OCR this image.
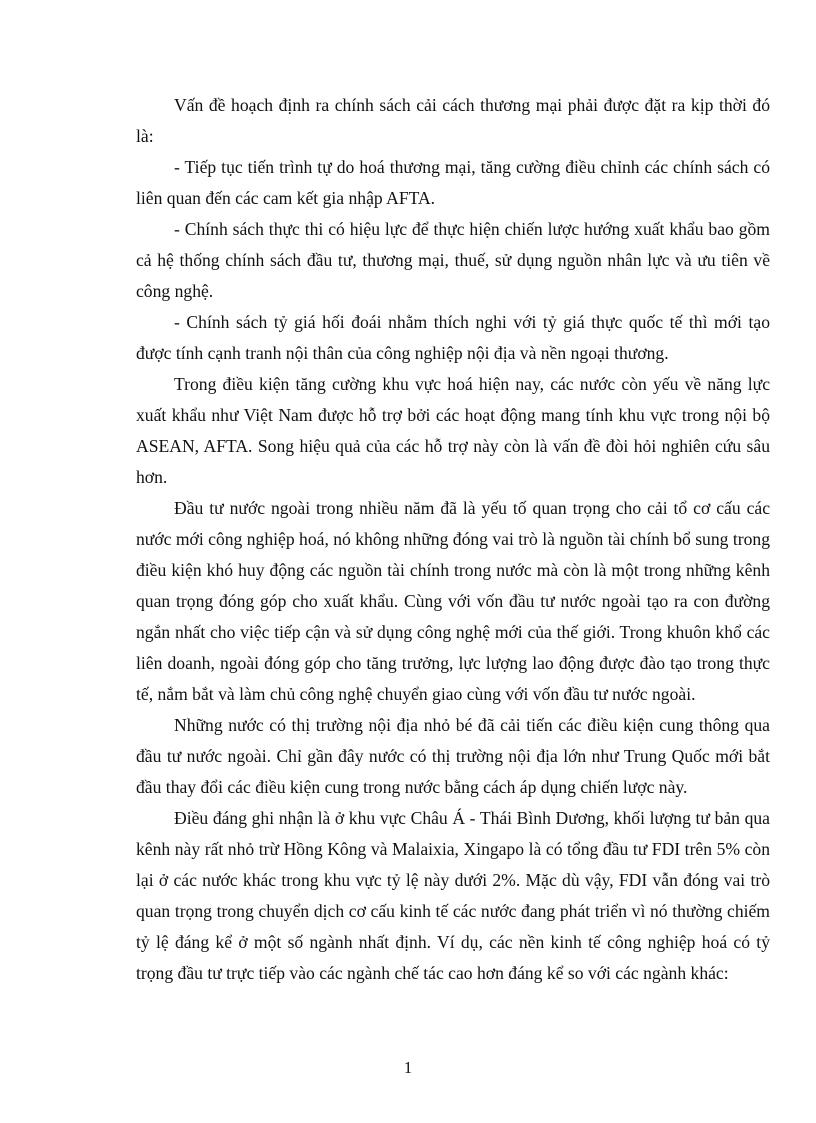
Vấn đề hoạch định ra chính sách cải cách thương mại phải được đặt ra kịp thời đó là:

- Tiếp tục tiến trình tự do hoá thương mại, tăng cường điều chỉnh các chính sách có liên quan đến các cam kết gia nhập AFTA.

- Chính sách thực thi có hiệu lực để thực hiện chiến lược hướng xuất khẩu bao gồm cả hệ thống chính sách đầu tư, thương mại, thuế, sử dụng nguồn nhân lực và ưu tiên về công nghệ.

- Chính sách tỷ giá hối đoái nhằm thích nghi với tỷ giá thực quốc tế thì mới tạo được tính cạnh tranh nội thân của công nghiệp nội địa và nền ngoại thương.

Trong điều kiện tăng cường khu vực hoá hiện nay, các nước còn yếu về năng lực xuất khẩu như Việt Nam được hỗ trợ bởi các hoạt động mang tính khu vực trong nội bộ ASEAN, AFTA. Song hiệu quả của các hỗ trợ này còn là vấn đề đòi hỏi nghiên cứu sâu hơn.

Đầu tư nước ngoài trong nhiều năm đã là yếu tố quan trọng cho cải tổ cơ cấu các nước mới công nghiệp hoá, nó không những đóng vai trò là nguồn tài chính bổ sung trong điều kiện khó huy động các nguồn tài chính trong nước mà còn là một trong những kênh quan trọng đóng góp cho xuất khẩu. Cùng với vốn đầu tư nước ngoài tạo ra con đường ngắn nhất cho việc tiếp cận và sử dụng công nghệ mới của thế giới. Trong khuôn khổ các liên doanh, ngoài đóng góp cho tăng trưởng, lực lượng lao động được đào tạo trong thực tế, nắm bắt và làm chủ công nghệ chuyển giao cùng với vốn đầu tư nước ngoài.

Những nước có thị trường nội địa nhỏ bé đã cải tiến các điều kiện cung thông qua đầu tư nước ngoài. Chỉ gần đây nước có thị trường nội địa lớn như Trung Quốc mới bắt đầu thay đổi các điều kiện cung trong nước bằng cách áp dụng chiến lược này.

Điều đáng ghi nhận là ở khu vực Châu Á - Thái Bình Dương, khối lượng tư bản qua kênh này rất nhỏ trừ Hồng Kông và Malaixia, Xingapo là có tổng đầu tư FDI trên 5% còn lại ở các nước khác trong khu vực tỷ lệ này dưới 2%. Mặc dù vậy, FDI vẫn đóng vai trò quan trọng trong chuyển dịch cơ cấu kinh tế các nước đang phát triển vì nó thường chiếm tỷ lệ đáng kể ở một số ngành nhất định. Ví dụ, các nền kinh tế công nghiệp hoá có tỷ trọng đầu tư trực tiếp vào các ngành chế tác cao hơn đáng kể so với các ngành khác:

1
